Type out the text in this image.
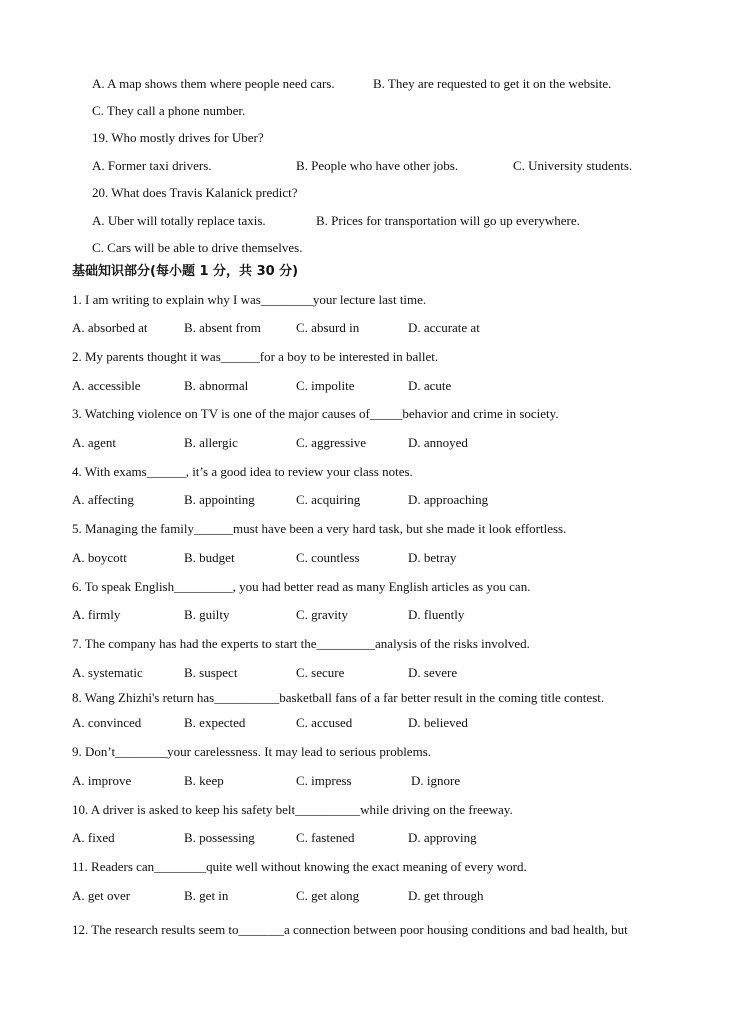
A. A map shows them where people need cars.	B. They are requested to get it on the website.
C. They call a phone number.
19. Who mostly drives for Uber?
A. Former taxi drivers.	B. People who have other jobs.	C. University students.
20. What does Travis Kalanick predict?
A. Uber will totally replace taxis.	B. Prices for transportation will go up everywhere.
C. Cars will be able to drive themselves.
基础知识部分(每小题 1 分，共 30 分)
1. I am writing to explain why I was________your lecture last time.
A. absorbed at	B. absent from	C. absurd in	D. accurate at
2. My parents thought it was______for a boy to be interested in ballet.
A. accessible	B. abnormal	C. impolite	D. acute
3. Watching violence on TV is one of the major causes of_____behavior and crime in society.
A. agent	B. allergic	C. aggressive	D. annoyed
4. With exams______, it’s a good idea to review your class notes.
A. affecting	B. appointing	C. acquiring	D. approaching
5. Managing the family______must have been a very hard task, but she made it look effortless.
A. boycott	B. budget	C. countless	D. betray
6. To speak English_________, you had better read as many English articles as you can.
A. firmly	B. guilty	C. gravity	D. fluently
7. The company has had the experts to start the_________analysis of the risks involved.
A. systematic	B. suspect	C. secure	D. severe
8. Wang Zhizhi's return has__________basketball fans of a far better result in the coming title contest.
A. convinced	B. expected	C. accused	D. believed
9. Don’t________your carelessness. It may lead to serious problems.
A. improve	B. keep	C. impress	D. ignore
10. A driver is asked to keep his safety belt__________while driving on the freeway.
A. fixed	B. possessing	C. fastened	D. approving
11. Readers can________quite well without knowing the exact meaning of every word.
A. get over	B. get in	C. get along	D. get through
12. The research results seem to_______a connection between poor housing conditions and bad health, but
